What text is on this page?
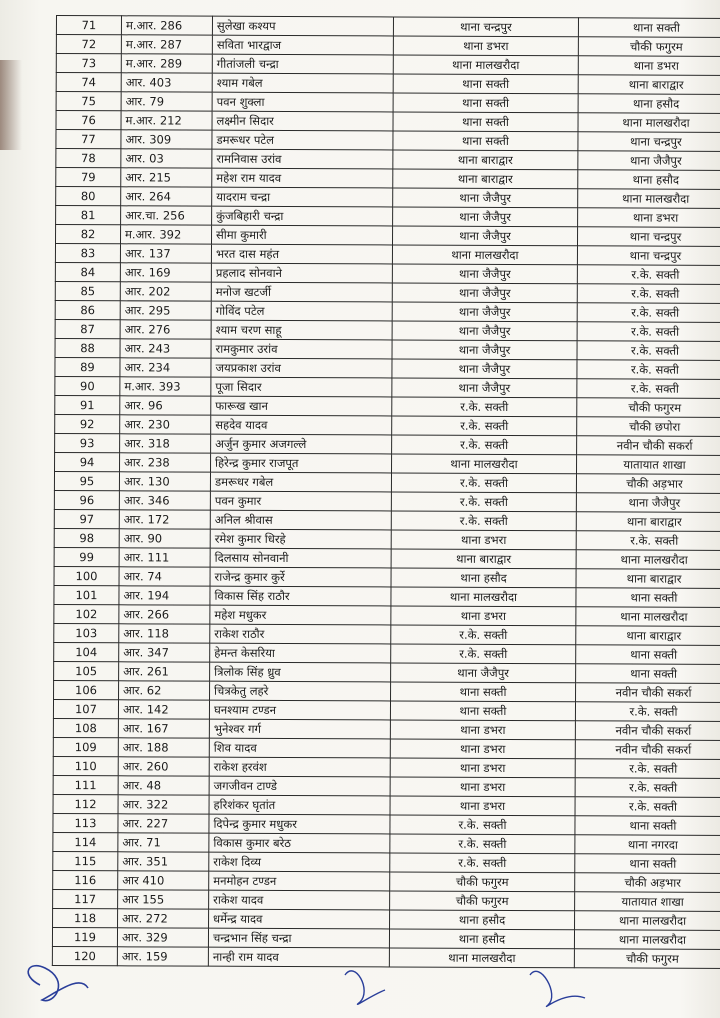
71	म.आर. 286	सुलेखा कश्यप	थाना चन्द्रपुर	थाना सक्ती
72	म.आर. 287	सविता भारद्वाज	थाना डभरा	चौकी फगुरम
73	म.आर. 289	गीतांजली चन्द्रा	थाना मालखरौदा	थाना डभरा
74	आर. 403	श्याम गबेल	थाना सक्ती	थाना बाराद्वार
75	आर. 79	पवन शुक्ला	थाना सक्ती	थाना हसौद
76	म.आर. 212	लक्ष्मीन सिदार	थाना सक्ती	थाना मालखरौदा
77	आर. 309	डमरूधर पटेल	थाना सक्ती	थाना चन्द्रपुर
78	आर. 03	रामनिवास उरांव	थाना बाराद्वार	थाना जैजैपुर
79	आर. 215	महेश राम यादव	थाना बाराद्वार	थाना हसौद
80	आर. 264	यादराम चन्द्रा	थाना जैजैपुर	थाना मालखरौदा
81	आर.चा. 256	कुंजबिहारी चन्द्रा	थाना जैजैपुर	थाना डभरा
82	म.आर. 392	सीमा कुमारी	थाना जैजैपुर	थाना चन्द्रपुर
83	आर. 137	भरत दास महंत	थाना मालखरौदा	थाना चन्द्रपुर
84	आर. 169	प्रहलाद सोनवाने	थाना जैजैपुर	र.के. सक्ती
85	आर. 202	मनोज खटर्जी	थाना जैजैपुर	र.के. सक्ती
86	आर. 295	गोविंद पटेल	थाना जैजैपुर	र.के. सक्ती
87	आर. 276	श्याम चरण साहू	थाना जैजैपुर	र.के. सक्ती
88	आर. 243	रामकुमार उरांव	थाना जैजैपुर	र.के. सक्ती
89	आर. 234	जयप्रकाश उरांव	थाना जैजैपुर	र.के. सक्ती
90	म.आर. 393	पूजा सिदार	थाना जैजैपुर	र.के. सक्ती
91	आर. 96	फारूख खान	र.के. सक्ती	चौकी फगुरम
92	आर. 230	सहदेव यादव	र.के. सक्ती	चौकी छपोरा
93	आर. 318	अर्जुन कुमार अजगल्ले	र.के. सक्ती	नवीन चौकी सकर्रा
94	आर. 238	हिरेन्द्र कुमार राजपूत	थाना मालखरौदा	यातायात शाखा
95	आर. 130	डमरूधर गबेल	र.के. सक्ती	चौकी अड़भार
96	आर. 346	पवन कुमार	र.के. सक्ती	थाना जैजैपुर
97	आर. 172	अनिल श्रीवास	र.के. सक्ती	थाना बाराद्वार
98	आर. 90	रमेश कुमार धिरहे	थाना डभरा	र.के. सक्ती
99	आर. 111	दिलसाय सोनवानी	थाना बाराद्वार	थाना मालखरौदा
100	आर. 74	राजेन्द्र कुमार कुर्रे	थाना हसौद	थाना बाराद्वार
101	आर. 194	विकास सिंह राठौर	थाना मालखरौदा	थाना सक्ती
102	आर. 266	महेश मधुकर	थाना डभरा	थाना मालखरौदा
103	आर. 118	राकेश राठौर	र.के. सक्ती	थाना बाराद्वार
104	आर. 347	हेमन्त केसरिया	र.के. सक्ती	थाना सक्ती
105	आर. 261	त्रिलोक सिंह ध्रुव	थाना जैजैपुर	थाना सक्ती
106	आर. 62	चित्रकेतु लहरे	थाना सक्ती	नवीन चौकी सकर्रा
107	आर. 142	घनश्याम टण्डन	थाना सक्ती	र.के. सक्ती
108	आर. 167	भुनेश्वर गर्ग	थाना डभरा	नवीन चौकी सकर्रा
109	आर. 188	शिव यादव	थाना डभरा	नवीन चौकी सकर्रा
110	आर. 260	राकेश हरवंश	थाना डभरा	र.के. सक्ती
111	आर. 48	जगजीवन टाण्डे	थाना डभरा	र.के. सक्ती
112	आर. 322	हरिशंकर घृतांत	थाना डभरा	र.के. सक्ती
113	आर. 227	दिपेन्द्र कुमार मधुकर	र.के. सक्ती	थाना सक्ती
114	आर. 71	विकास कुमार बरेठ	र.के. सक्ती	थाना नगरदा
115	आर. 351	राकेश दिव्य	र.के. सक्ती	थाना सक्ती
116	आर 410	मनमोहन टण्डन	चौकी फगुरम	चौकी अड़भार
117	आर 155	राकेश यादव	चौकी फगुरम	यातायात शाखा
118	आर. 272	धर्मेन्द्र यादव	थाना हसौद	थाना मालखरौदा
119	आर. 329	चन्द्रभान सिंह चन्द्रा	थाना हसौद	थाना मालखरौदा
120	आर. 159	नान्ही राम यादव	थाना मालखरौदा	चौकी फगुरम
